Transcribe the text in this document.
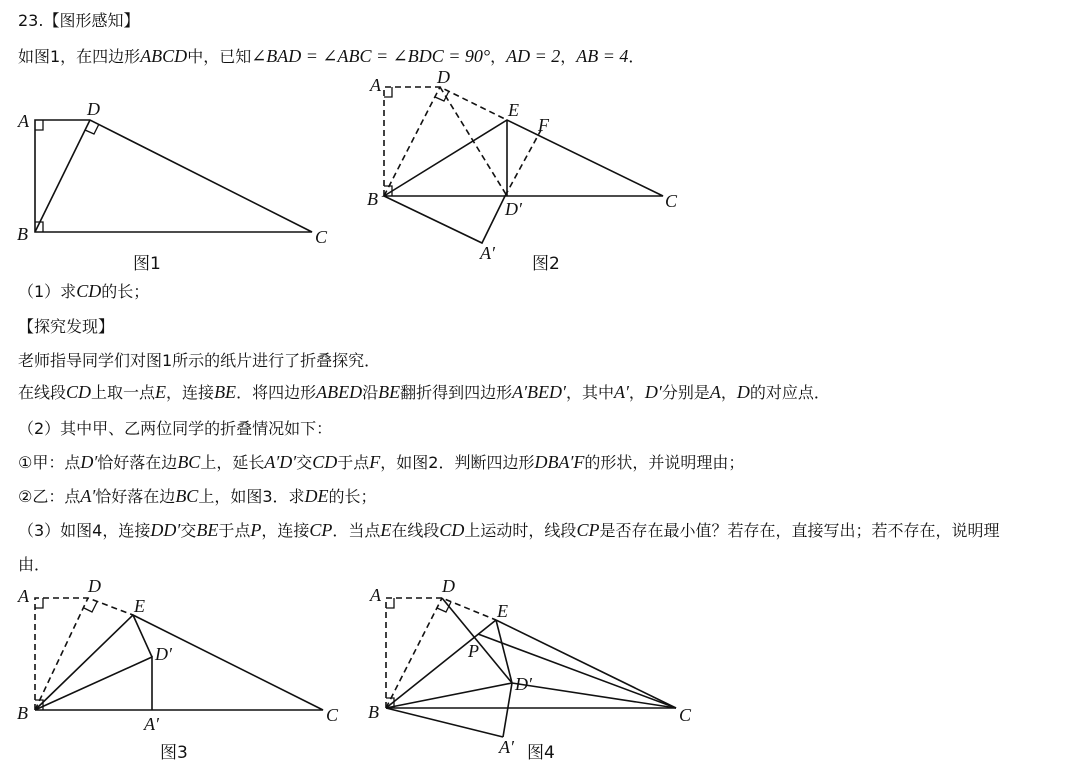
23.【图形感知】
如图1，在四边形ABCD中，已知∠BAD = ∠ABC = ∠BDC = 90°，AD = 2，AB = 4．
（1）求CD的长；
【探究发现】
老师指导同学们对图1所示的纸片进行了折叠探究．
在线段CD上取一点E，连接BE．将四边形ABED沿BE翻折得到四边形A′BED′，其中A′，D′分别是A，D的对应点．
（2）其中甲、乙两位同学的折叠情况如下：
①甲：点D′恰好落在边BC上，延长A′D′交CD于点F，如图2．判断四边形DBA′F的形状，并说明理由；
②乙：点A′恰好落在边BC上，如图3．求DE的长；
（3）如图4，连接DD′交BE于点P，连接CP．当点E在线段CD上运动时，线段CP是否存在最小值？若存在，直接写出；若不存在，说明理
由．
A
D
B	C
图1
A	D
E
F
B	D′	C
A′
图2
A	D
E
D′
B
A′	C
图3
A	D
E
P
D′
B	C
A′ 图4
